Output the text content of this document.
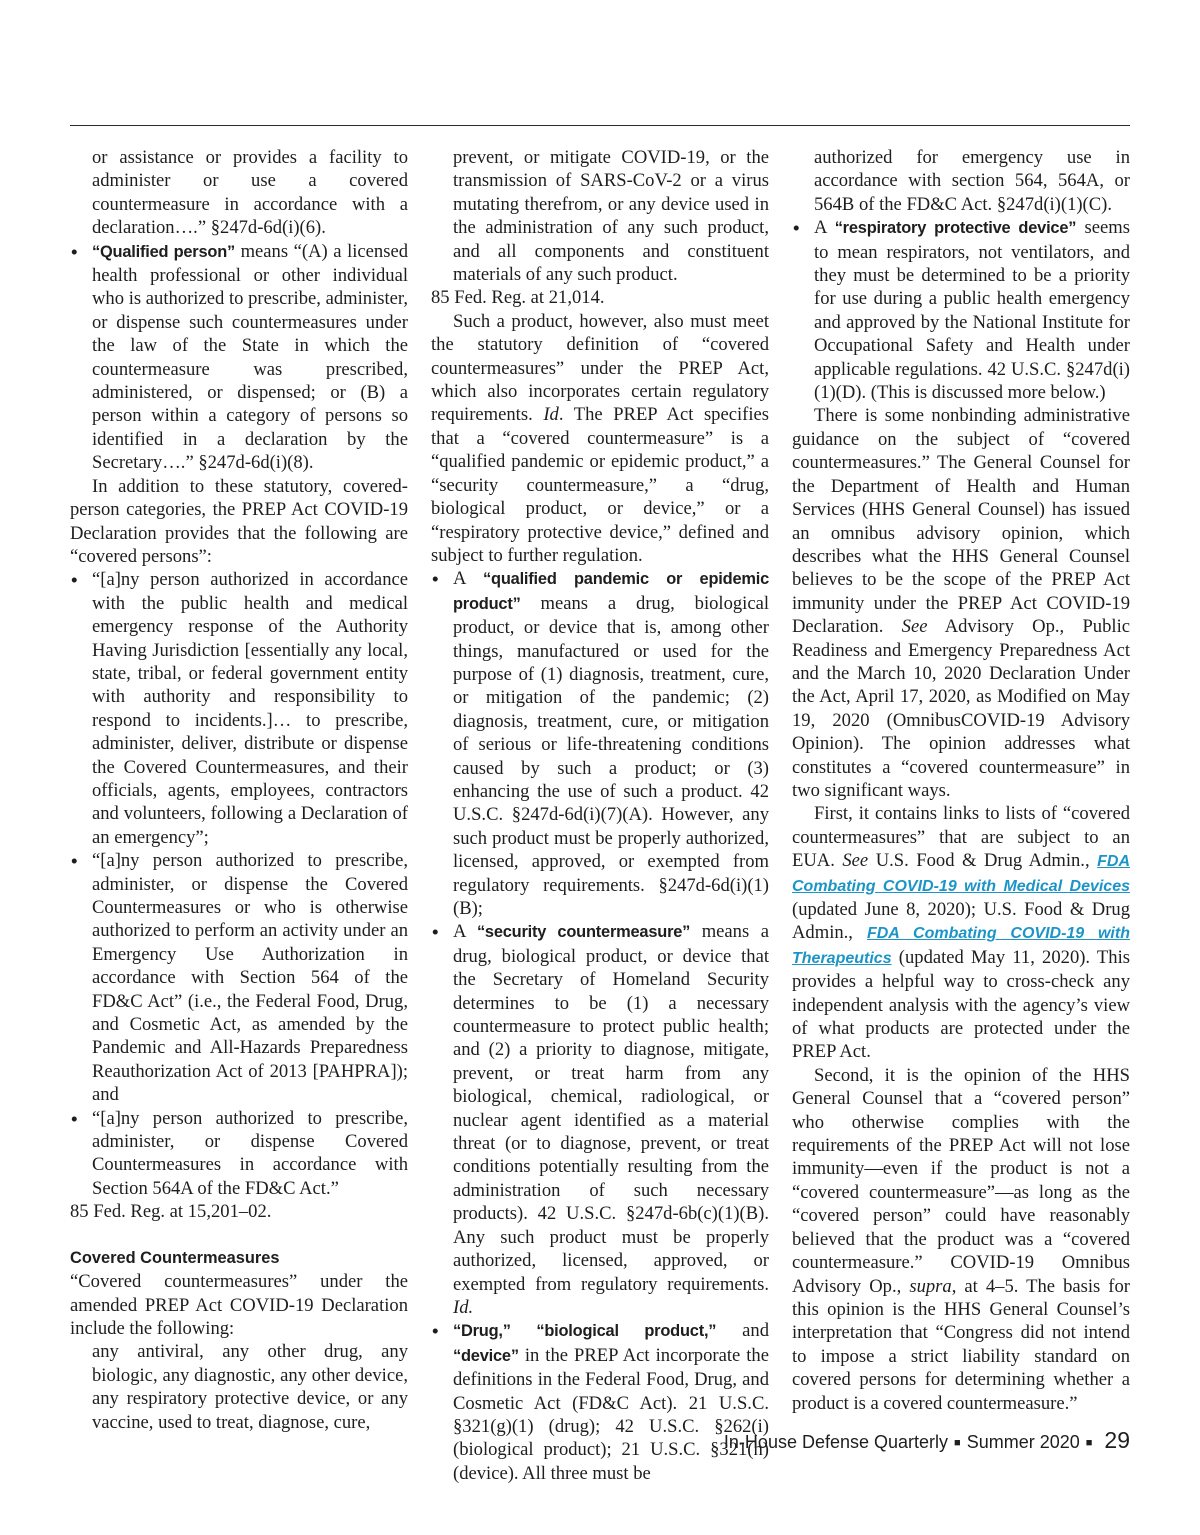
or assistance or provides a facility to administer or use a covered countermeasure in accordance with a declaration….” §247d-6d(i)(6).

• “Qualified person” means “(A) a licensed health professional or other individual who is authorized to prescribe, administer, or dispense such countermeasures under the law of the State in which the countermeasure was prescribed, administered, or dispensed; or (B) a person within a category of persons so identified in a declaration by the Secretary….” §247d-6d(i)(8).

In addition to these statutory, covered-person categories, the PREP Act COVID-19 Declaration provides that the following are “covered persons”:

• “[a]ny person authorized in accordance with the public health and medical emergency response of the Authority Having Jurisdiction [essentially any local, state, tribal, or federal government entity with authority and responsibility to respond to incidents.]… to prescribe, administer, deliver, distribute or dispense the Covered Countermeasures, and their officials, agents, employees, contractors and volunteers, following a Declaration of an emergency”;

• “[a]ny person authorized to prescribe, administer, or dispense the Covered Countermeasures or who is otherwise authorized to perform an activity under an Emergency Use Authorization in accordance with Section 564 of the FD&C Act” (i.e., the Federal Food, Drug, and Cosmetic Act, as amended by the Pandemic and All-Hazards Preparedness Reauthorization Act of 2013 [PAHPRA]); and

• “[a]ny person authorized to prescribe, administer, or dispense Covered Countermeasures in accordance with Section 564A of the FD&C Act.”

85 Fed. Reg. at 15,201–02.

Covered Countermeasures

“Covered countermeasures” under the amended PREP Act COVID-19 Declaration include the following:

any antiviral, any other drug, any biologic, any diagnostic, any other device, any respiratory protective device, or any vaccine, used to treat, diagnose, cure,

prevent, or mitigate COVID-19, or the transmission of SARS-CoV-2 or a virus mutating therefrom, or any device used in the administration of any such product, and all components and constituent materials of any such product.

85 Fed. Reg. at 21,014.

Such a product, however, also must meet the statutory definition of “covered countermeasures” under the PREP Act, which also incorporates certain regulatory requirements. Id. The PREP Act specifies that a “covered countermeasure” is a “qualified pandemic or epidemic product,” a “security countermeasure,” a “drug, biological product, or device,” or a “respiratory protective device,” defined and subject to further regulation.

• A “qualified pandemic or epidemic product” means a drug, biological product, or device that is, among other things, manufactured or used for the purpose of (1) diagnosis, treatment, cure, or mitigation of the pandemic; (2) diagnosis, treatment, cure, or mitigation of serious or life-threatening conditions caused by such a product; or (3) enhancing the use of such a product. 42 U.S.C. §247d-6d(i)(7)(A). However, any such product must be properly authorized, licensed, approved, or exempted from regulatory requirements. §247d-6d(i)(1)(B);

• A “security countermeasure” means a drug, biological product, or device that the Secretary of Homeland Security determines to be (1) a necessary countermeasure to protect public health; and (2) a priority to diagnose, mitigate, prevent, or treat harm from any biological, chemical, radiological, or nuclear agent identified as a material threat (or to diagnose, prevent, or treat conditions potentially resulting from the administration of such necessary products). 42 U.S.C. §247d-6b(c)(1)(B). Any such product must be properly authorized, licensed, approved, or exempted from regulatory requirements. Id.

• “Drug,” “biological product,” and “device” in the PREP Act incorporate the definitions in the Federal Food, Drug, and Cosmetic Act (FD&C Act). 21 U.S.C. §321(g)(1) (drug); 42 U.S.C. §262(i) (biological product); 21 U.S.C. §321(h) (device). All three must be

authorized for emergency use in accordance with section 564, 564A, or 564B of the FD&C Act. §247d(i)(1)(C).

• A “respiratory protective device” seems to mean respirators, not ventilators, and they must be determined to be a priority for use during a public health emergency and approved by the National Institute for Occupational Safety and Health under applicable regulations. 42 U.S.C. §247d(i)(1)(D). (This is discussed more below.)

There is some nonbinding administrative guidance on the subject of “covered countermeasures.” The General Counsel for the Department of Health and Human Services (HHS General Counsel) has issued an omnibus advisory opinion, which describes what the HHS General Counsel believes to be the scope of the PREP Act immunity under the PREP Act COVID-19 Declaration. See Advisory Op., Public Readiness and Emergency Preparedness Act and the March 10, 2020 Declaration Under the Act, April 17, 2020, as Modified on May 19, 2020 (OmnibusCOVID-19 Advisory Opinion). The opinion addresses what constitutes a “covered countermeasure” in two significant ways.

First, it contains links to lists of “covered countermeasures” that are subject to an EUA. See U.S. Food & Drug Admin., FDA Combating COVID-19 with Medical Devices (updated June 8, 2020); U.S. Food & Drug Admin., FDA Combating COVID-19 with Therapeutics (updated May 11, 2020). This provides a helpful way to cross-check any independent analysis with the agency’s view of what products are protected under the PREP Act.

Second, it is the opinion of the HHS General Counsel that a “covered person” who otherwise complies with the requirements of the PREP Act will not lose immunity—even if the product is not a “covered countermeasure”—as long as the “covered person” could have reasonably believed that the product was a “covered countermeasure.” COVID-19 Omnibus Advisory Op., supra, at 4–5. The basis for this opinion is the HHS General Counsel’s interpretation that “Congress did not intend to impose a strict liability standard on covered persons for determining whether a product is a covered countermeasure.”

In-House Defense Quarterly ■ Summer 2020 ■ 29
